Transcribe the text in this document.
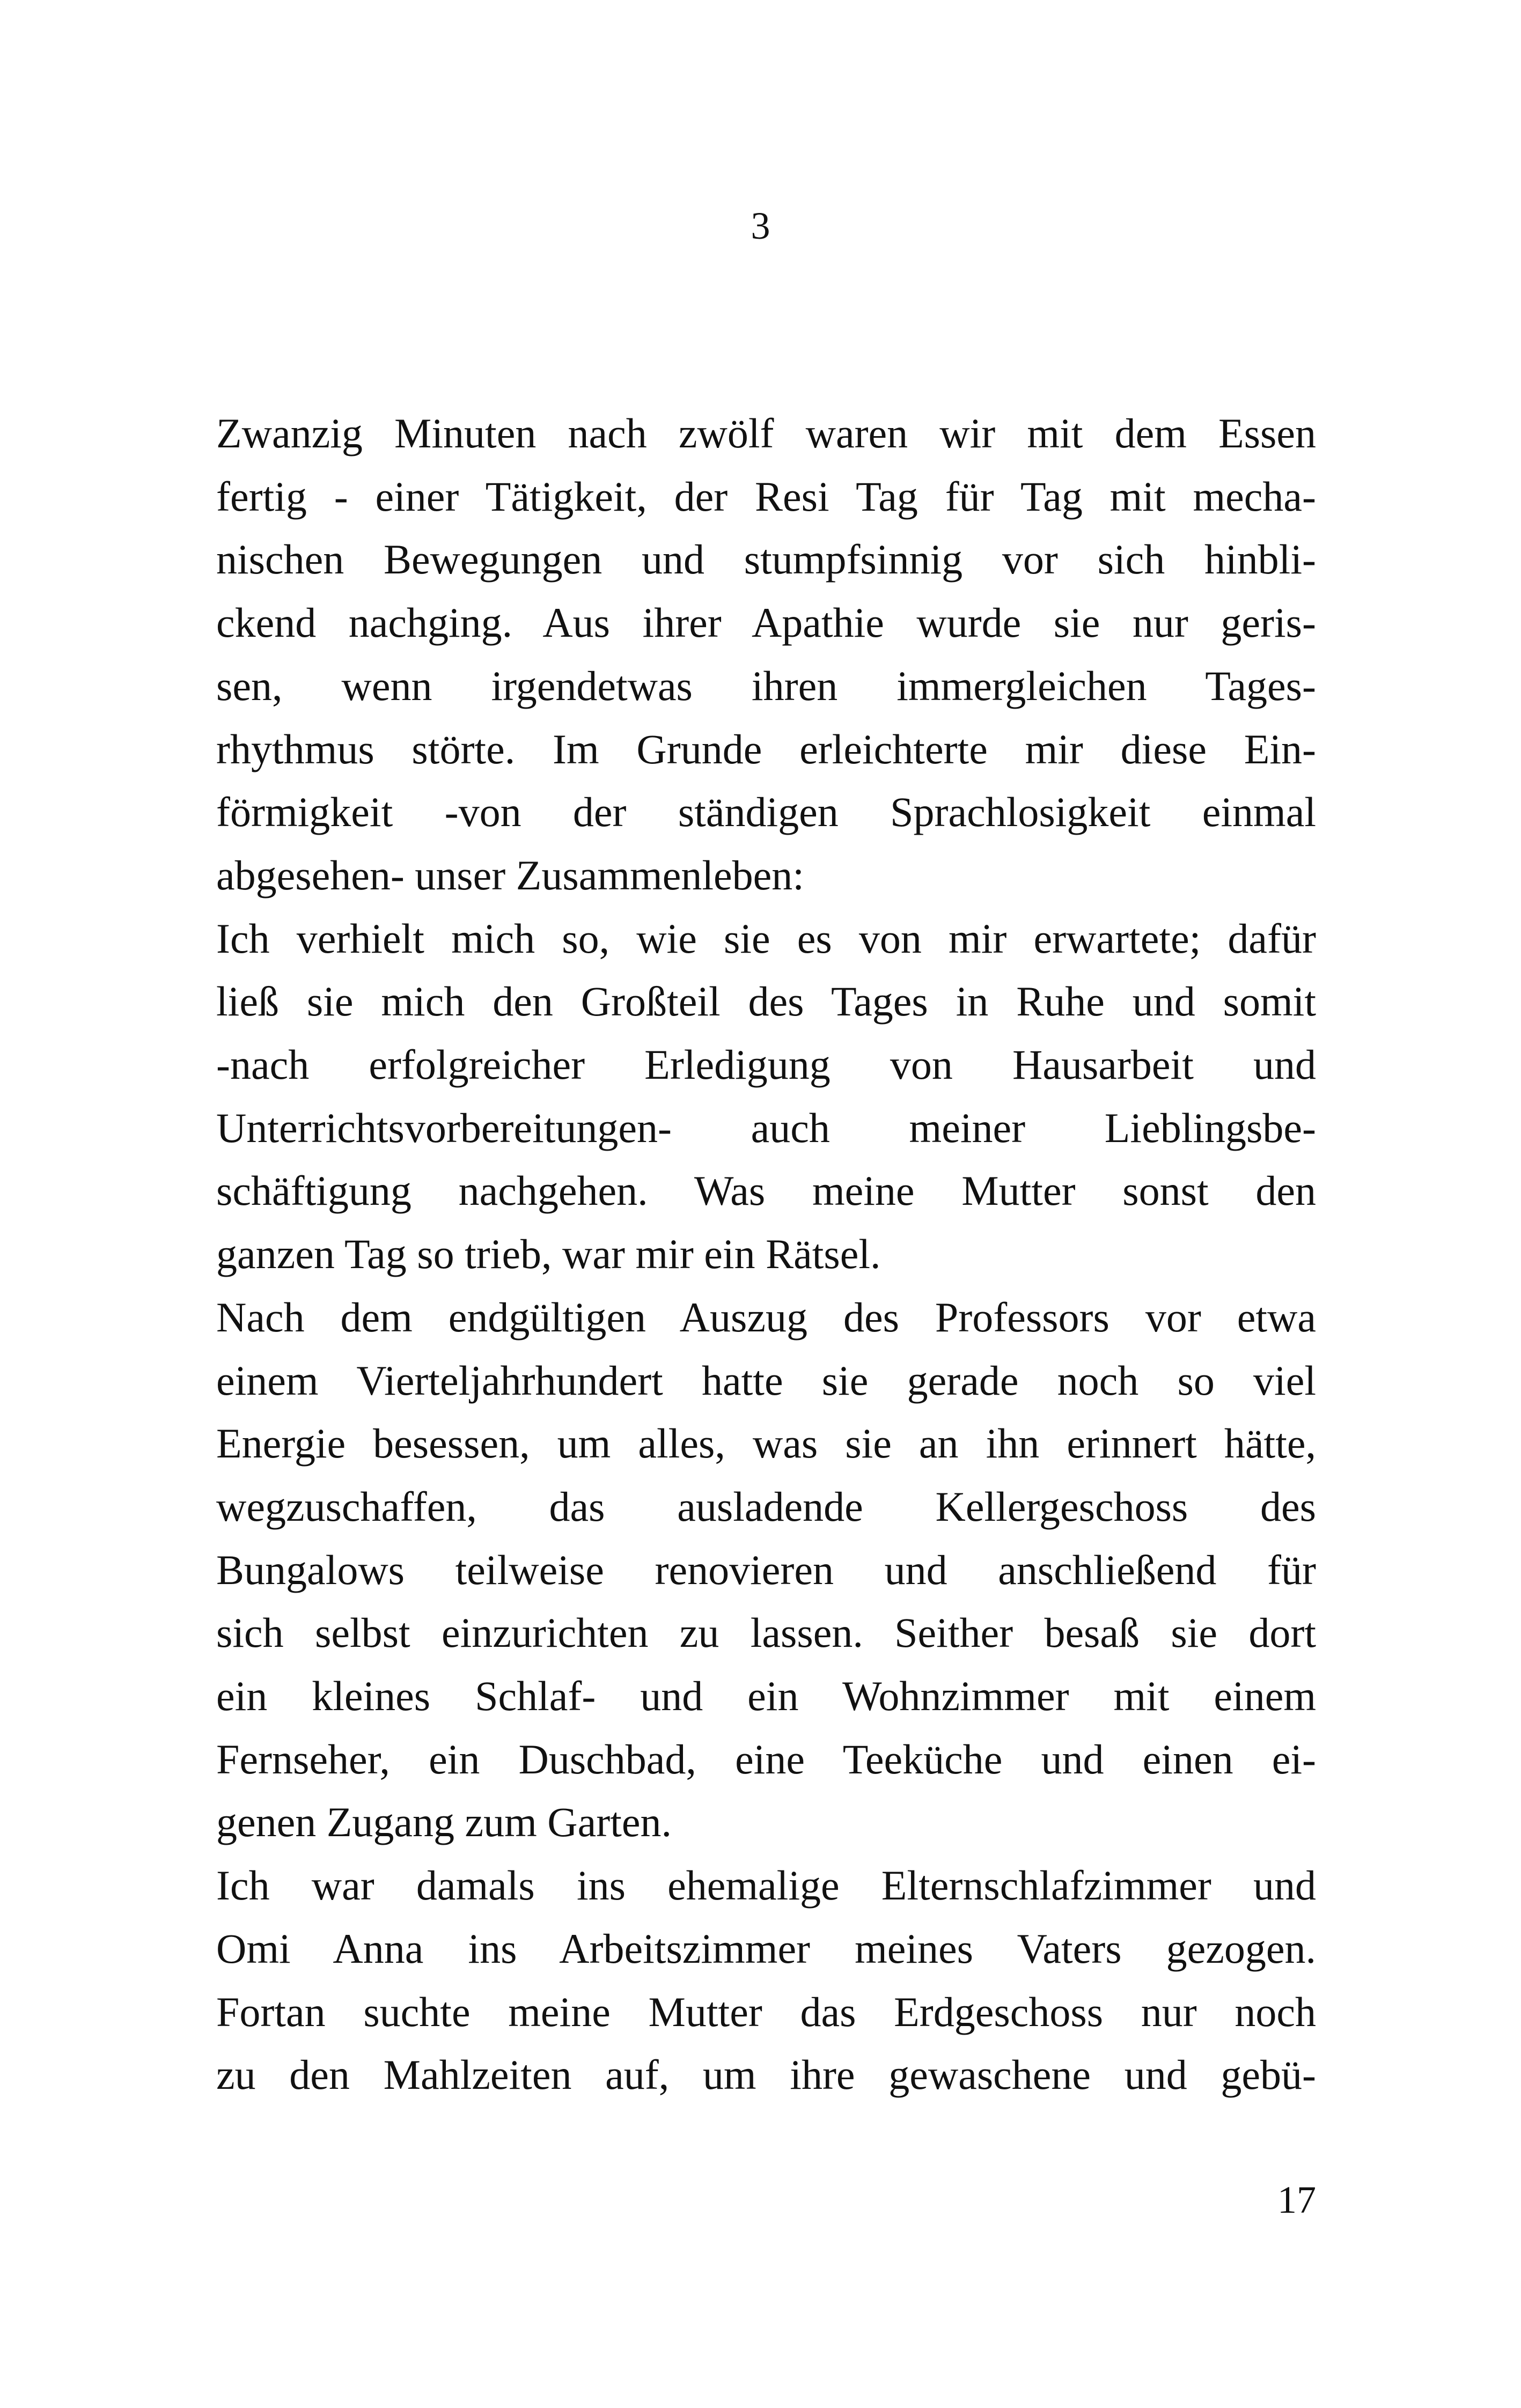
3
Zwanzig Minuten nach zwölf waren wir mit dem Essen
fertig - einer Tätigkeit, der Resi Tag für Tag mit mecha-
nischen Bewegungen und stumpfsinnig vor sich hinbli-
ckend nachging. Aus ihrer Apathie wurde sie nur geris-
sen, wenn irgendetwas ihren immergleichen Tages-
rhythmus störte. Im Grunde erleichterte mir diese Ein-
förmigkeit -von der ständigen Sprachlosigkeit einmal
abgesehen- unser Zusammenleben:
Ich verhielt mich so, wie sie es von mir erwartete; dafür
ließ sie mich den Großteil des Tages in Ruhe und somit
-nach erfolgreicher Erledigung von Hausarbeit und
Unterrichtsvorbereitungen- auch meiner Lieblingsbe-
schäftigung nachgehen. Was meine Mutter sonst den
ganzen Tag so trieb, war mir ein Rätsel.
Nach dem endgültigen Auszug des Professors vor etwa
einem Vierteljahrhundert hatte sie gerade noch so viel
Energie besessen, um alles, was sie an ihn erinnert hätte,
wegzuschaffen, das ausladende Kellergeschoss des
Bungalows teilweise renovieren und anschließend für
sich selbst einzurichten zu lassen. Seither besaß sie dort
ein kleines Schlaf- und ein Wohnzimmer mit einem
Fernseher, ein Duschbad, eine Teeküche und einen ei-
genen Zugang zum Garten.
Ich war damals ins ehemalige Elternschlafzimmer und
Omi Anna ins Arbeitszimmer meines Vaters gezogen.
Fortan suchte meine Mutter das Erdgeschoss nur noch
zu den Mahlzeiten auf, um ihre gewaschene und gebü-
17
